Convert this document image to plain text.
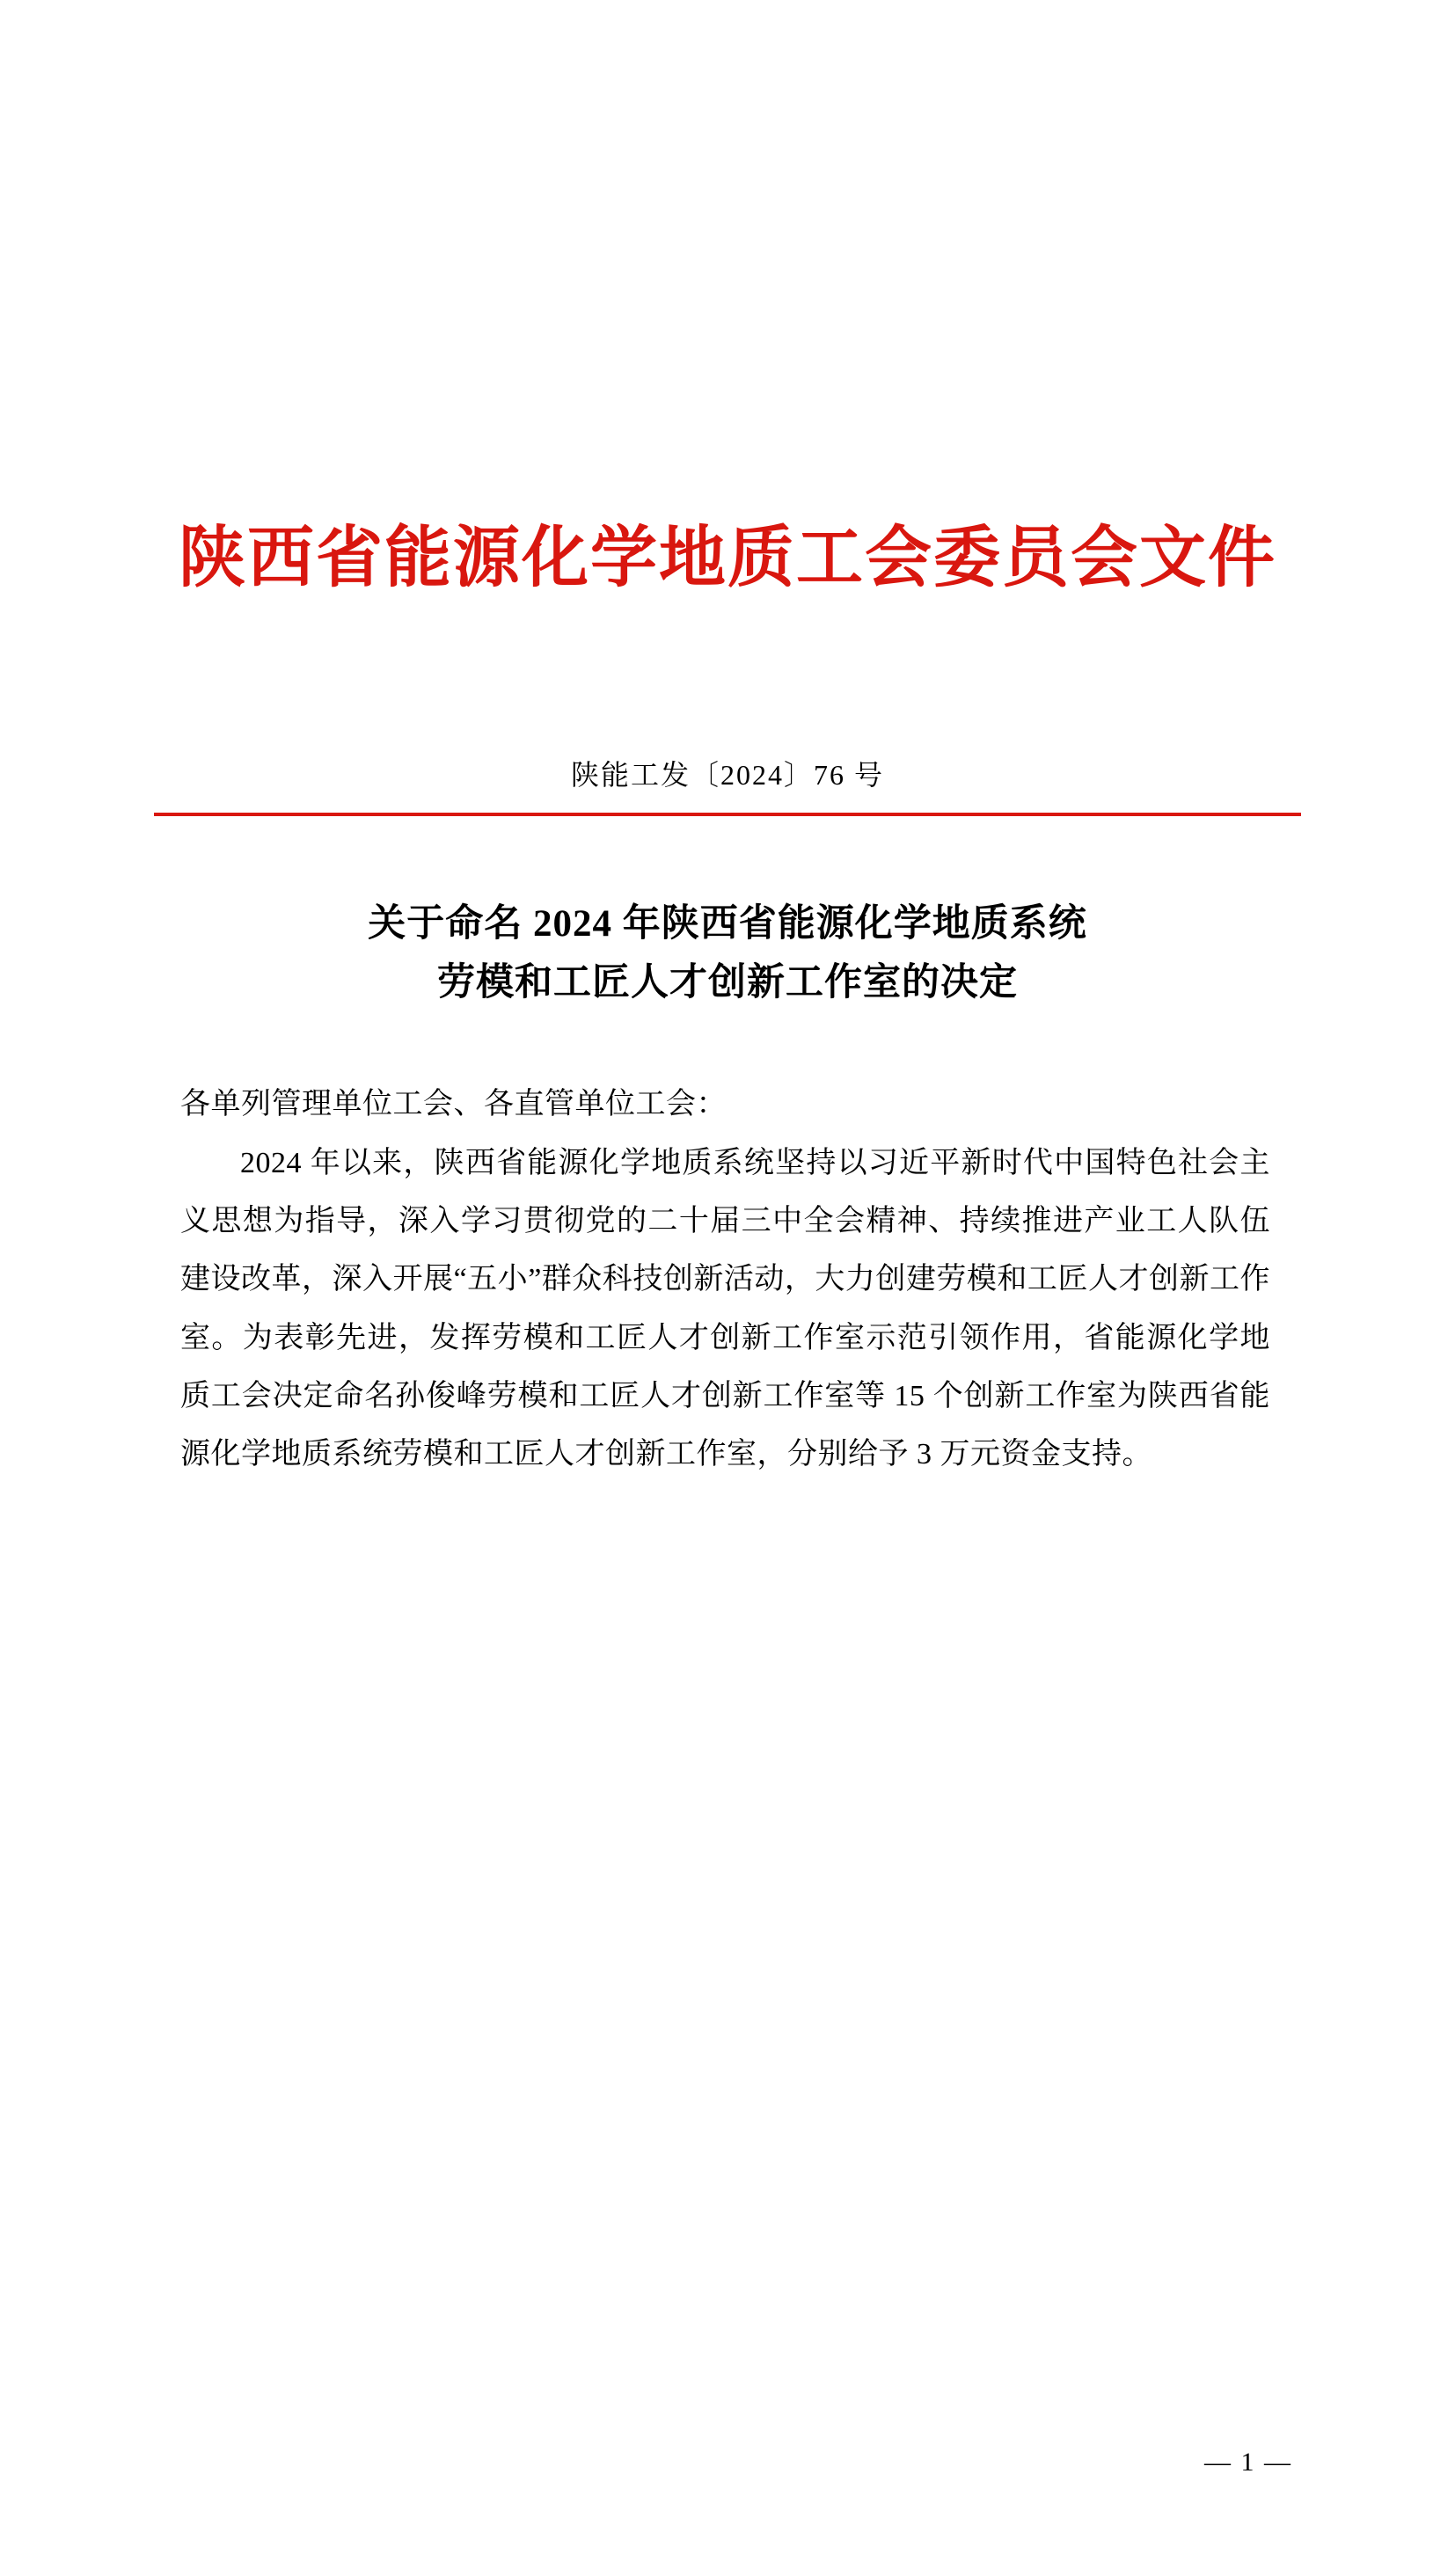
陕西省能源化学地质工会委员会文件
陕能工发〔2024〕76 号
关于命名 2024 年陕西省能源化学地质系统
劳模和工匠人才创新工作室的决定
各单列管理单位工会、各直管单位工会：
2024 年以来，陕西省能源化学地质系统坚持以习近平新时代中国特色社会主义思想为指导，深入学习贯彻党的二十届三中全会精神、持续推进产业工人队伍建设改革，深入开展“五小”群众科技创新活动，大力创建劳模和工匠人才创新工作室。为表彰先进，发挥劳模和工匠人才创新工作室示范引领作用，省能源化学地质工会决定命名孙俊峰劳模和工匠人才创新工作室等 15 个创新工作室为陕西省能源化学地质系统劳模和工匠人才创新工作室，分别给予 3 万元资金支持。
— 1 —
